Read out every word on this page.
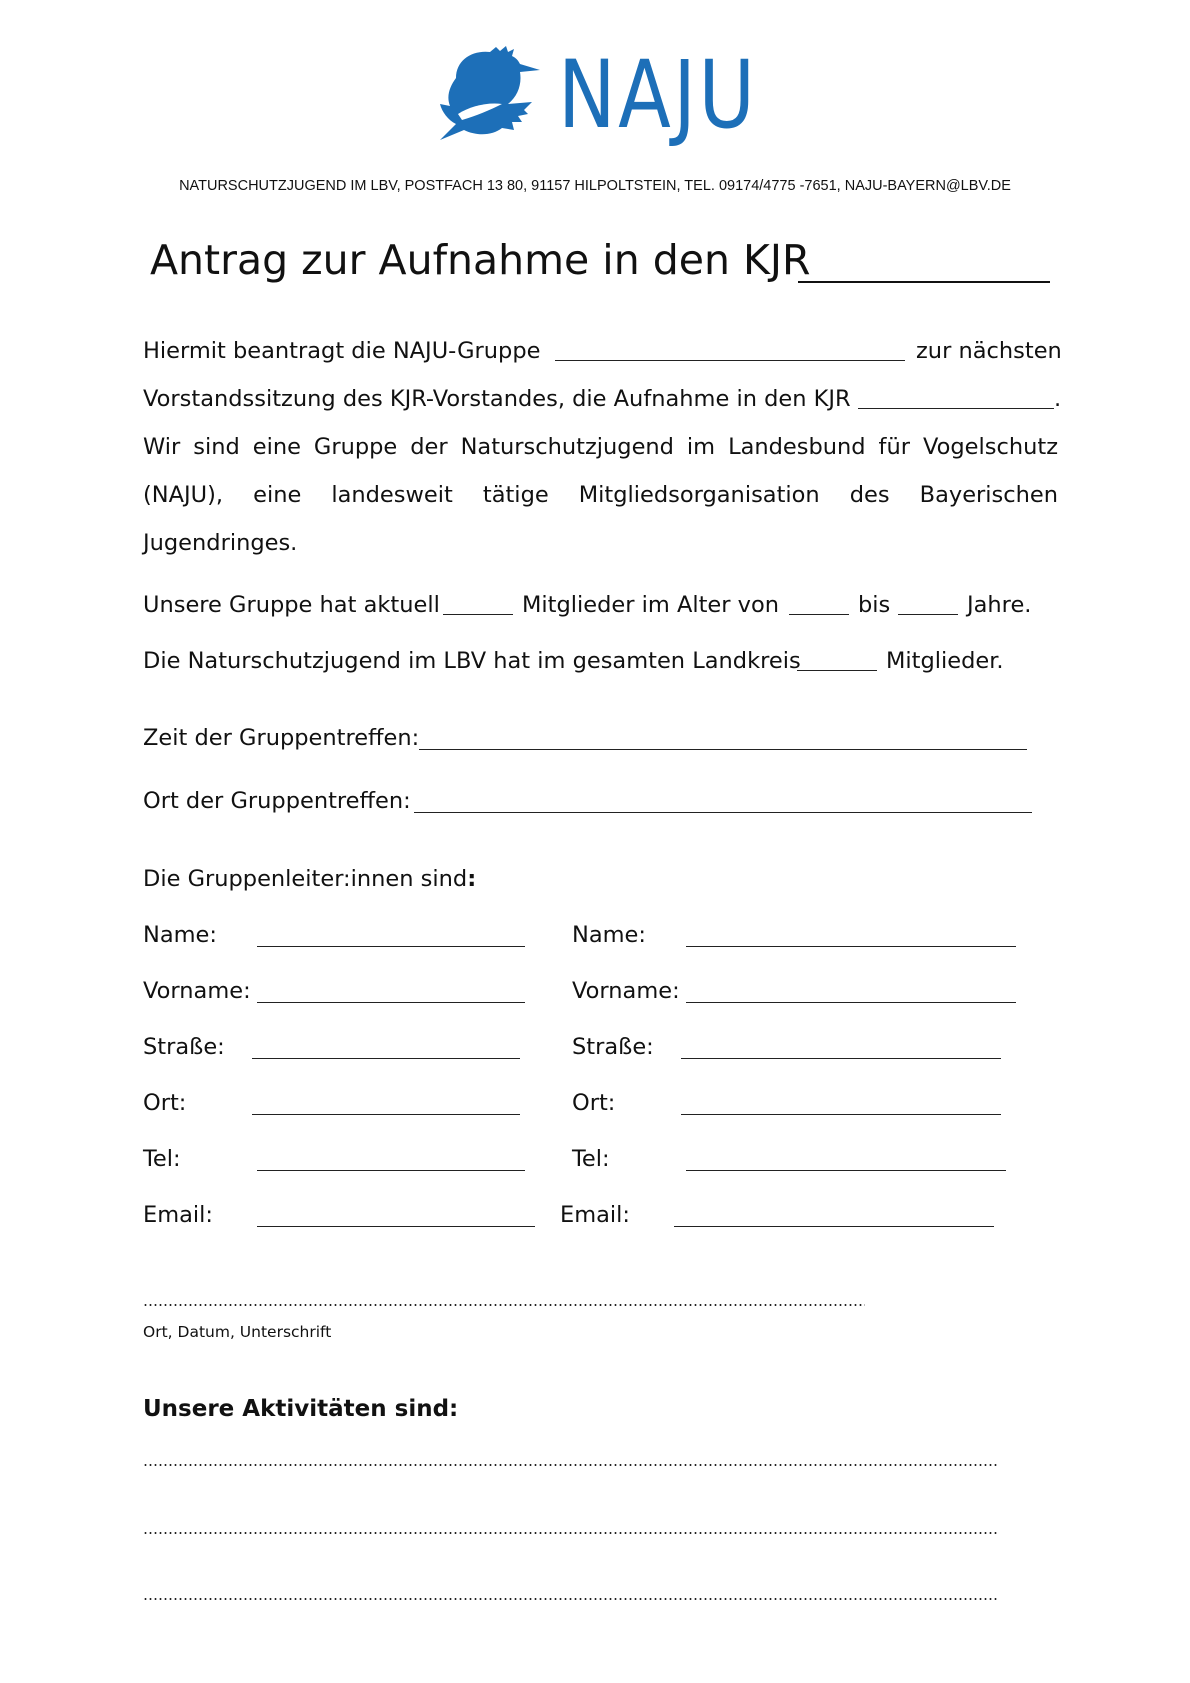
NAJU
NATURSCHUTZJUGEND IM LBV, POSTFACH 13 80, 91157 HILPOLTSTEIN, TEL. 09174/4775 -7651, NAJU-BAYERN@LBV.DE
Antrag zur Aufnahme in den KJR
Hiermit beantragt die NAJU-Gruppe	zur nächsten
Vorstandssitzung des KJR-Vorstandes, die Aufnahme in den KJR	.
Wir sind eine Gruppe der Naturschutzjugend im Landesbund für Vogelschutz
(NAJU), eine landesweit tätige Mitgliedsorganisation des Bayerischen
Jugendringes.
Unsere Gruppe hat aktuell	Mitglieder im Alter von	bis	Jahre.
Die Naturschutzjugend im LBV hat im gesamten Landkreis	Mitglieder.
Zeit der Gruppentreffen:
Ort der Gruppentreffen:
Die Gruppenleiter:innen sind:
Name:	Name:
Vorname:	Vorname:
Straße:	Straße:
Ort:	Ort:
Tel:	Tel:
Email:	Email:
Ort, Datum, Unterschrift
Unsere Aktivitäten sind:
